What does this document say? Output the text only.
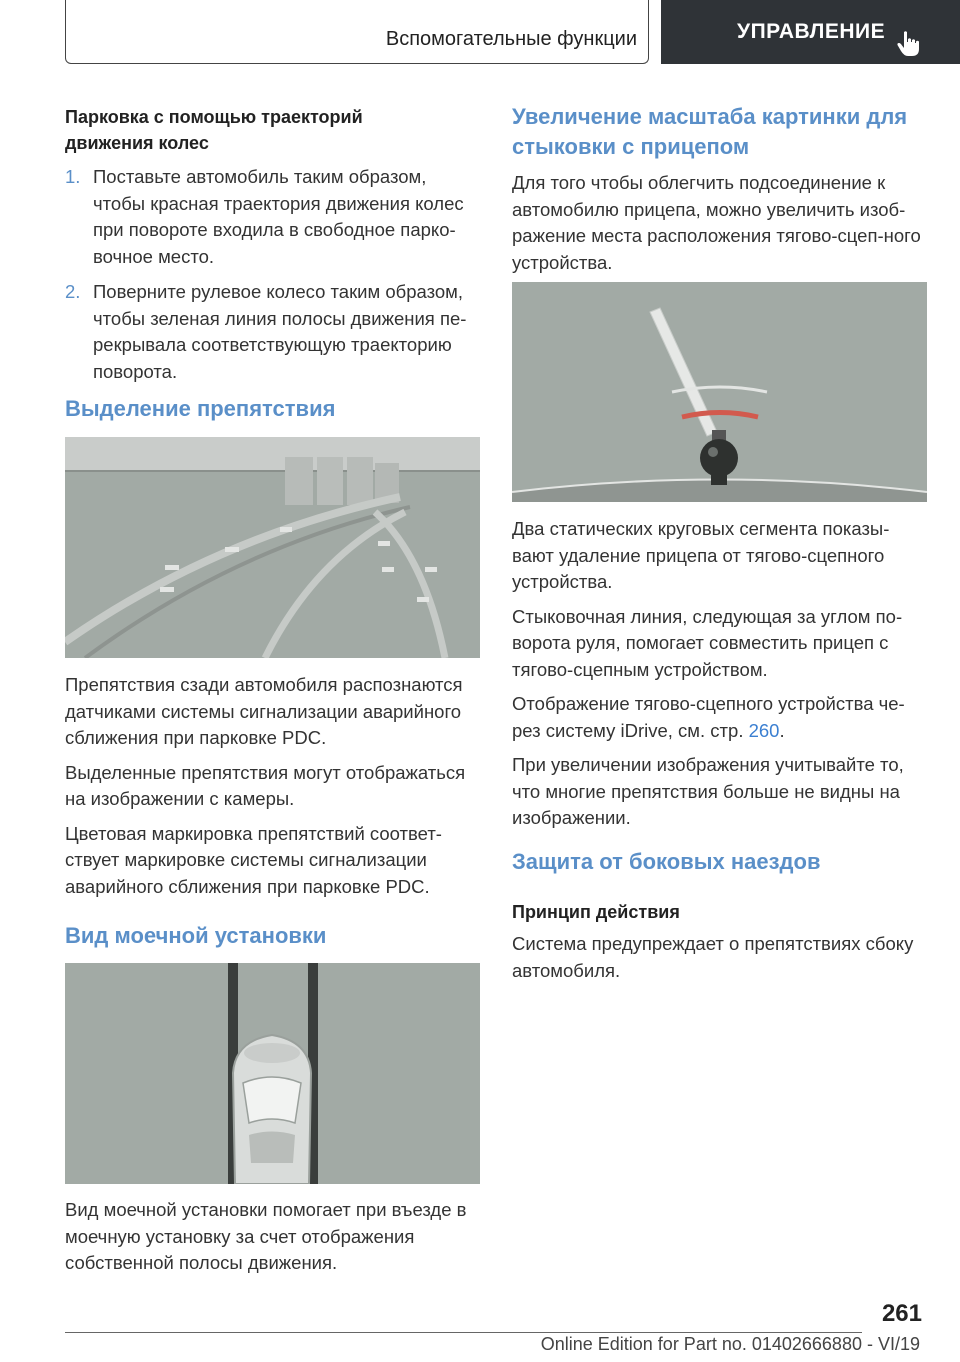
Вспомогательные функции	УПРАВЛЕНИЕ
Парковка с помощью траекторий движения колес
1. Поставьте автомобиль таким образом, чтобы красная траектория движения колес при повороте входила в свободное парко-вочное место.
2. Поверните рулевое колесо таким образом, чтобы зеленая линия полосы движения пе-рекрывала соответствующую траекторию поворота.
Выделение препятствия
Препятствия сзади автомобиля распознаются датчиками системы сигнализации аварийного сближения при парковке PDC.
Выделенные препятствия могут отображаться на изображении с камеры.
Цветовая маркировка препятствий соответ-ствует маркировке системы сигнализации аварийного сближения при парковке PDC.
Вид моечной установки
Вид моечной установки помогает при въезде в моечную установку за счет отображения собственной полосы движения.
Увеличение масштаба картинки для стыковки с прицепом
Для того чтобы облегчить подсоединение к автомобилю прицепа, можно увеличить изоб-ражение места расположения тягово-сцеп-ного устройства.
Два статических круговых сегмента показы-вают удаление прицепа от тягово-сцепного устройства.
Стыковочная линия, следующая за углом по-ворота руля, помогает совместить прицеп с тягово-сцепным устройством.
Отображение тягово-сцепного устройства че-рез систему iDrive, см. стр. 260.
При увеличении изображения учитывайте то, что многие препятствия больше не видны на изображении.
Защита от боковых наездов
Принцип действия
Система предупреждает о препятствиях сбоку автомобиля.
261
Online Edition for Part no. 01402666880 - VI/19
